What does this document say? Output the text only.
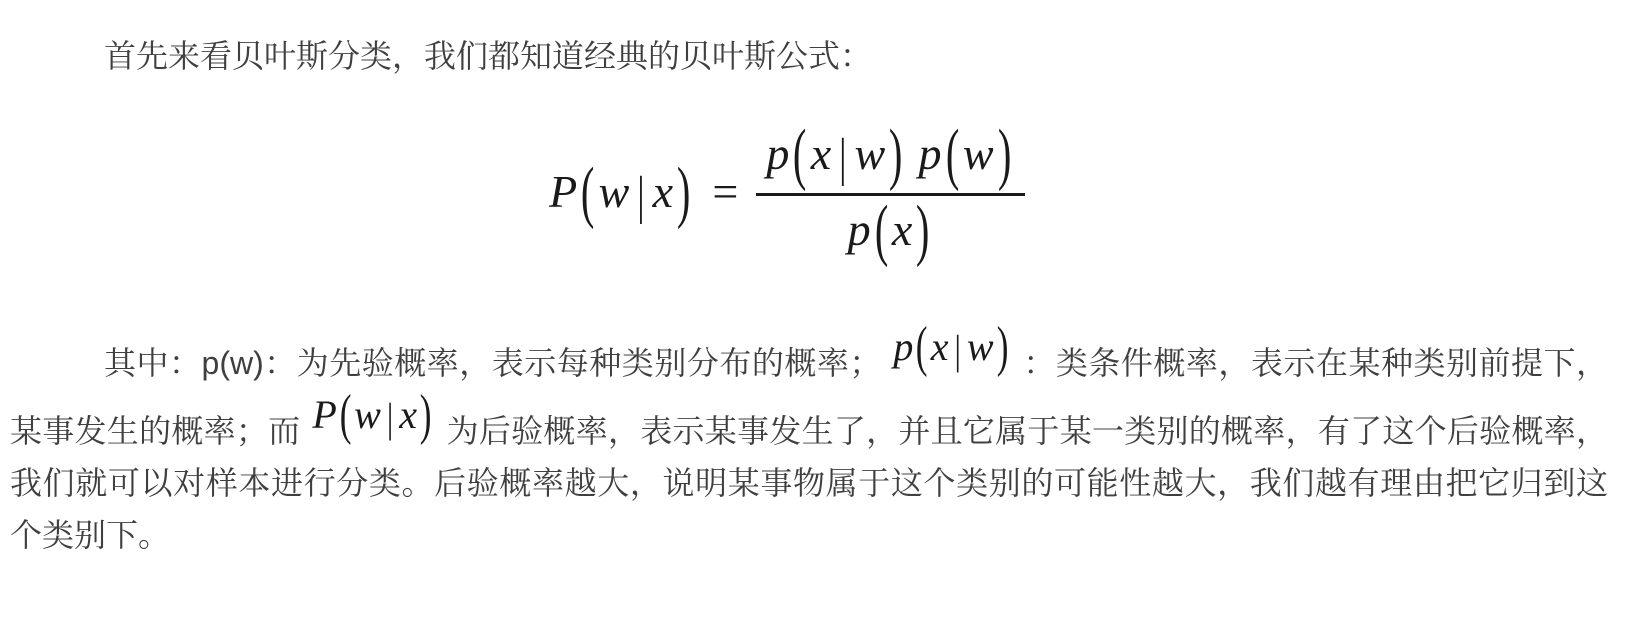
首先来看贝叶斯分类，我们都知道经典的贝叶斯公式：

P ( w | x ) =
p ( x | w ) p ( w )
p ( x )

其中：p(w)：为先验概率，表示每种类别分布的概率； p(x | w) ：类条件概率，表示在某种类别前提下，某事发生的概率；而 P(w | x) 为后验概率，表示某事发生了，并且它属于某一类别的概率，有了这个后验概率，我们就可以对样本进行分类。后验概率越大，说明某事物属于这个类别的可能性越大，我们越有理由把它归到这个类别下。
